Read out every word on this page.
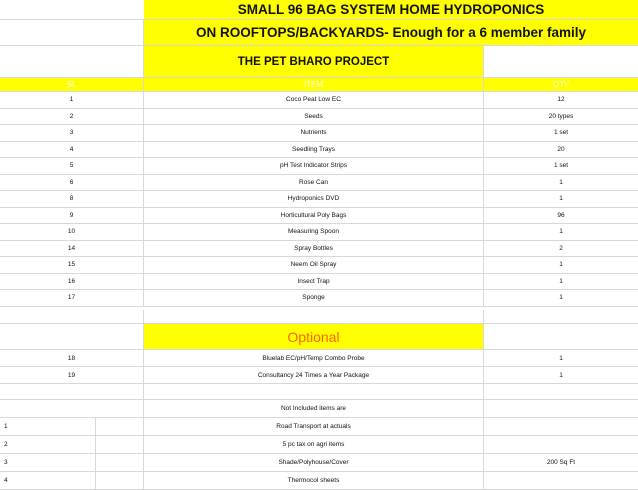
SMALL 96 BAG SYSTEM HOME HYDROPONICS
ON ROOFTOPS/BACKYARDS- Enough for a 6 member family
THE PET BHARO PROJECT
SL	ITEM	QTY
1	Coco Peat Low EC	12
2	Seeds	20 types
3	Nutrients	1 set
4	Seedling Trays	20
5	pH Test Indicator Strips	1 set
6	Rose Can	1
8	Hydroponics DVD	1
9	Horticultural Poly Bags	96
10	Measuring Spoon	1
14	Spray Bottles	2
15	Neem Oil Spray	1
16	Insect Trap	1
17	Sponge	1
Optional
18	Bluelab EC/pH/Temp Combo Probe	1
19	Consultancy 24 Times a Year Package	1
Not Included items are
1	Road Transport at actuals
2	5 pc tax on agri items
3	Shade/Polyhouse/Cover	200 Sq Ft
4	Thermocol sheets
